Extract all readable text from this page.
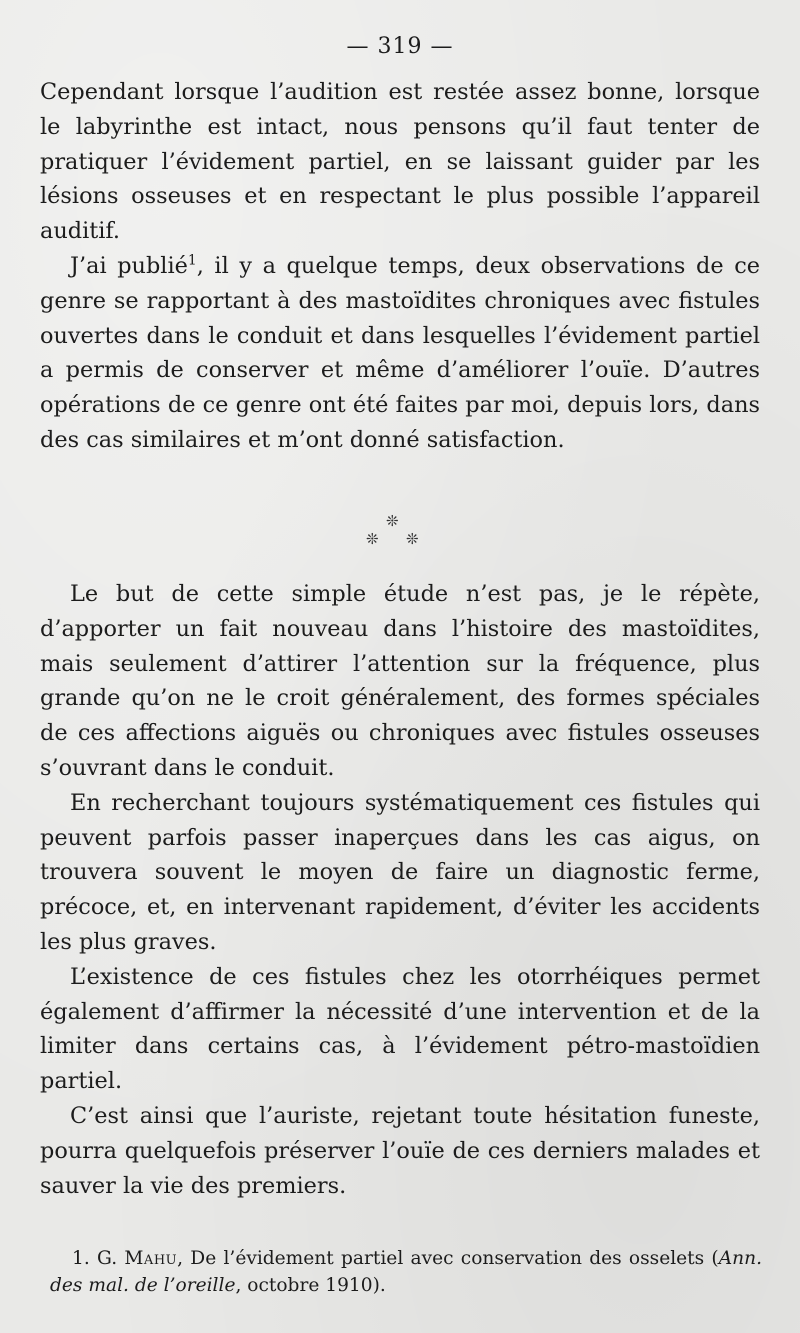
— 319 —

Cependant lorsque l’audition est restée assez bonne, lorsque le labyrinthe est intact, nous pensons qu’il faut tenter de pratiquer l’évidement partiel, en se laissant guider par les lésions osseuses et en respectant le plus possible l’appareil auditif.

J’ai publié$^1$, il y a quelque temps, deux observations de ce genre se rapportant à des mastoïdites chroniques avec fistules ouvertes dans le conduit et dans lesquelles l’évidement partiel a permis de conserver et même d’améliorer l’ouïe. D’autres opérations de ce genre ont été faites par moi, depuis lors, dans des cas similaires et m’ont donné satisfaction.

❊
❊ ❊

Le but de cette simple étude n’est pas, je le répète, d’apporter un fait nouveau dans l’histoire des mastoïdites, mais seulement d’attirer l’attention sur la fréquence, plus grande qu’on ne le croit généralement, des formes spéciales de ces affections aiguës ou chroniques avec fistules osseuses s’ouvrant dans le conduit.

En recherchant toujours systématiquement ces fistules qui peuvent parfois passer inaperçues dans les cas aigus, on trouvera souvent le moyen de faire un diagnostic ferme, précoce, et, en intervenant rapidement, d’éviter les accidents les plus graves.

L’existence de ces fistules chez les otorrhéiques permet également d’affirmer la nécessité d’une intervention et de la limiter dans certains cas, à l’évidement pétro-mastoïdien partiel.

C’est ainsi que l’auriste, rejetant toute hésitation funeste, pourra quelquefois préserver l’ouïe de ces derniers malades et sauver la vie des premiers.

1. G. Mahu, De l’évidement partiel avec conservation des osselets (Ann. des mal. de l’oreille, octobre 1910).
